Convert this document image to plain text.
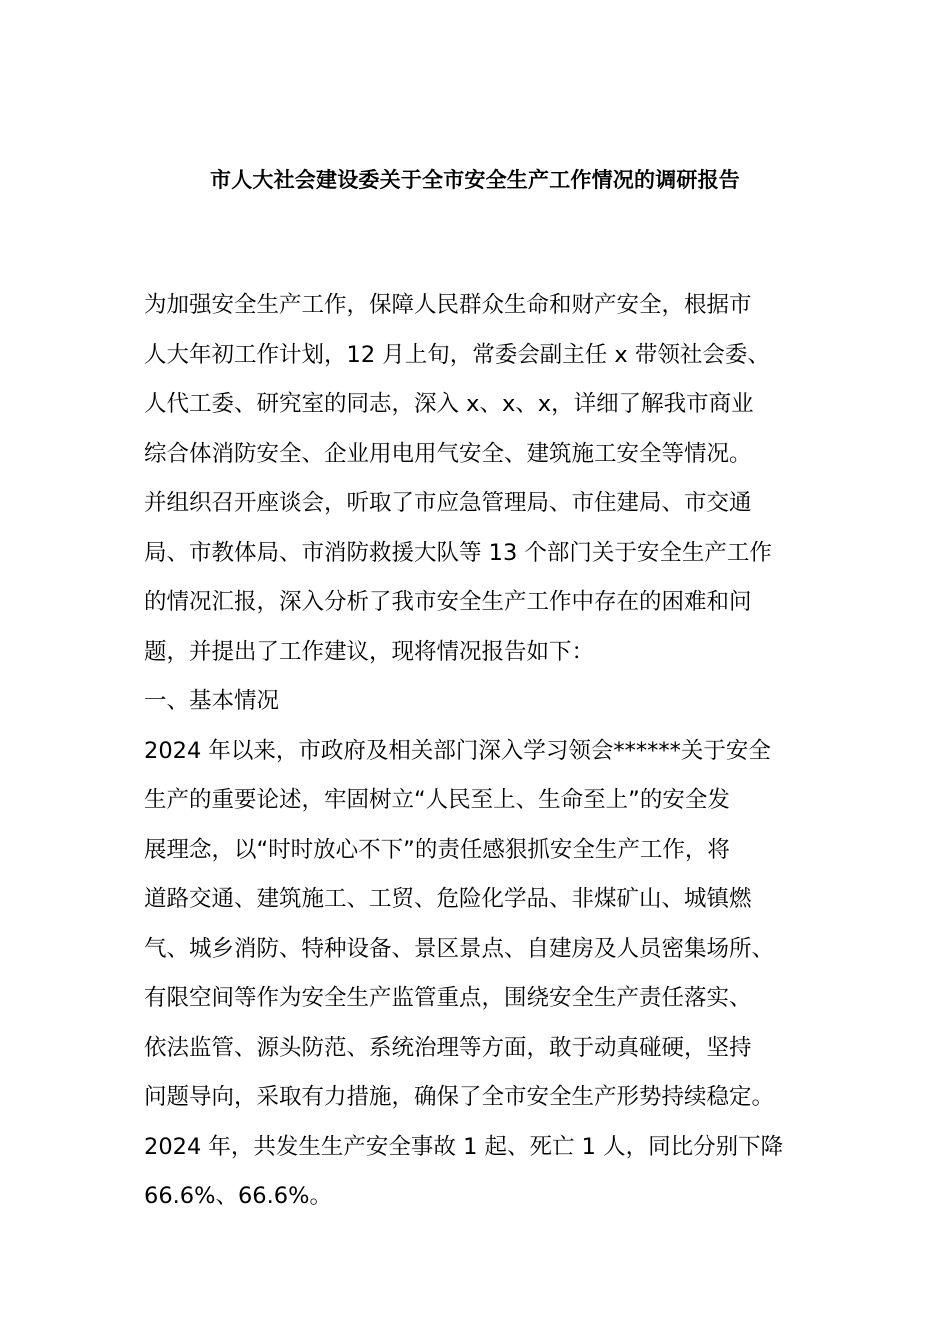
市人大社会建设委关于全市安全生产工作情况的调研报告
为加强安全生产工作，保障人民群众生命和财产安全，根据市
人大年初工作计划，12 月上旬，常委会副主任 x 带领社会委、
人代工委、研究室的同志，深入 x、x、x，详细了解我市商业
综合体消防安全、企业用电用气安全、建筑施工安全等情况。
并组织召开座谈会，听取了市应急管理局、市住建局、市交通
局、市教体局、市消防救援大队等 13 个部门关于安全生产工作
的情况汇报，深入分析了我市安全生产工作中存在的困难和问
题，并提出了工作建议，现将情况报告如下：
一、基本情况
2024 年以来，市政府及相关部门深入学习领会******关于安全
生产的重要论述，牢固树立“人民至上、生命至上”的安全发
展理念，以“时时放心不下”的责任感狠抓安全生产工作，将
道路交通、建筑施工、工贸、危险化学品、非煤矿山、城镇燃
气、城乡消防、特种设备、景区景点、自建房及人员密集场所、
有限空间等作为安全生产监管重点，围绕安全生产责任落实、
依法监管、源头防范、系统治理等方面，敢于动真碰硬，坚持
问题导向，采取有力措施，确保了全市安全生产形势持续稳定。
2024 年，共发生生产安全事故 1 起、死亡 1 人，同比分别下降
66.6%、66.6%。
